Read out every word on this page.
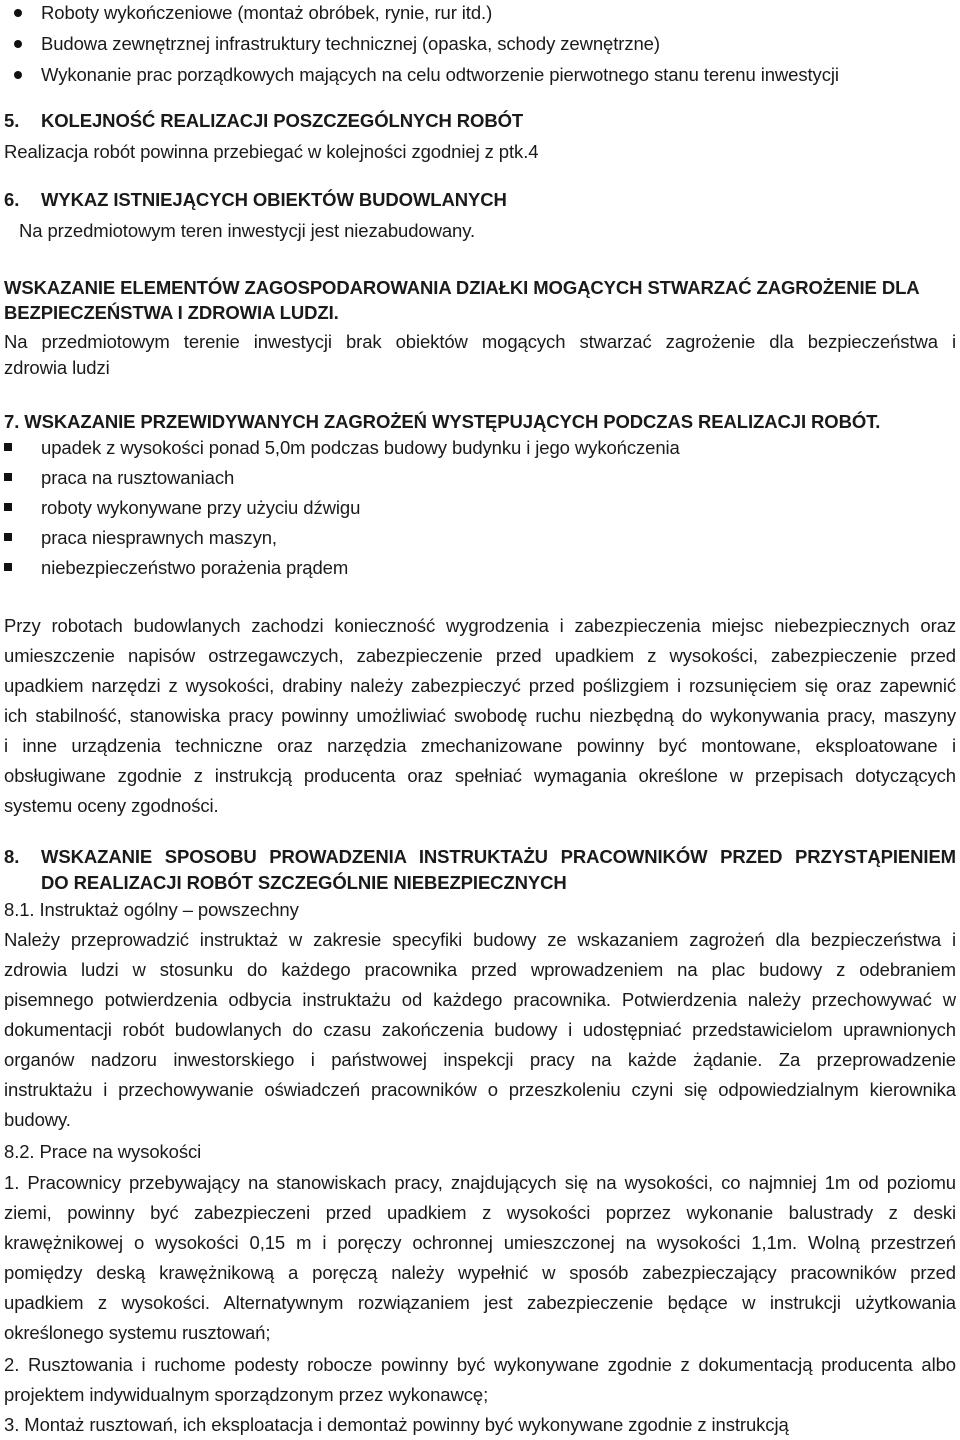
Roboty wykończeniowe (montaż obróbek, rynie, rur itd.)
Budowa zewnętrznej infrastruktury technicznej (opaska, schody zewnętrzne)
Wykonanie prac porządkowych mających na celu odtworzenie pierwotnego stanu terenu inwestycji
5. KOLEJNOŚĆ REALIZACJI POSZCZEGÓLNYCH ROBÓT
Realizacja robót powinna przebiegać w kolejności zgodniej z ptk.4
6. WYKAZ ISTNIEJĄCYCH OBIEKTÓW BUDOWLANYCH
Na przedmiotowym teren inwestycji jest niezabudowany.
WSKAZANIE ELEMENTÓW ZAGOSPODAROWANIA DZIAŁKI MOGĄCYCH STWARZAĆ ZAGROŻENIE DLA
BEZPIECZEŃSTWA I ZDROWIA LUDZI.
Na przedmiotowym terenie inwestycji brak obiektów mogących stwarzać zagrożenie dla bezpieczeństwa i
zdrowia ludzi
7. WSKAZANIE PRZEWIDYWANYCH ZAGROŻEŃ WYSTĘPUJĄCYCH PODCZAS REALIZACJI ROBÓT.
upadek z wysokości ponad 5,0m podczas budowy budynku i jego wykończenia
praca na rusztowaniach
roboty wykonywane przy użyciu dźwigu
praca niesprawnych maszyn,
niebezpieczeństwo porażenia prądem
Przy robotach budowlanych zachodzi konieczność wygrodzenia i zabezpieczenia miejsc niebezpiecznych oraz
umieszczenie napisów ostrzegawczych, zabezpieczenie przed upadkiem z wysokości, zabezpieczenie przed
upadkiem narzędzi z wysokości, drabiny należy zabezpieczyć przed poślizgiem i rozsunięciem się oraz zapewnić
ich stabilność, stanowiska pracy powinny umożliwiać swobodę ruchu niezbędną do wykonywania pracy, maszyny
i inne urządzenia techniczne oraz narzędzia zmechanizowane powinny być montowane, eksploatowane i
obsługiwane zgodnie z instrukcją producenta oraz spełniać wymagania określone w przepisach dotyczących
systemu oceny zgodności.
8. WSKAZANIE SPOSOBU PROWADZENIA INSTRUKTAŻU PRACOWNIKÓW PRZED PRZYSTĄPIENIEM
DO REALIZACJI ROBÓT SZCZEGÓLNIE NIEBEZPIECZNYCH
8.1. Instruktaż ogólny – powszechny
Należy przeprowadzić instruktaż w zakresie specyfiki budowy ze wskazaniem zagrożeń dla bezpieczeństwa i
zdrowia ludzi w stosunku do każdego pracownika przed wprowadzeniem na plac budowy z odebraniem
pisemnego potwierdzenia odbycia instruktażu od każdego pracownika. Potwierdzenia należy przechowywać w
dokumentacji robót budowlanych do czasu zakończenia budowy i udostępniać przedstawicielom uprawnionych
organów nadzoru inwestorskiego i państwowej inspekcji pracy na każde żądanie. Za przeprowadzenie
instruktażu i przechowywanie oświadczeń pracowników o przeszkoleniu czyni się odpowiedzialnym kierownika
budowy.
8.2. Prace na wysokości
1. Pracownicy przebywający na stanowiskach pracy, znajdujących się na wysokości, co najmniej 1m od poziomu
ziemi, powinny być zabezpieczeni przed upadkiem z wysokości poprzez wykonanie balustrady z deski
krawężnikowej o wysokości 0,15 m i poręczy ochronnej umieszczonej na wysokości 1,1m. Wolną przestrzeń
pomiędzy deską krawężnikową a poręczą należy wypełnić w sposób zabezpieczający pracowników przed
upadkiem z wysokości. Alternatywnym rozwiązaniem jest zabezpieczenie będące w instrukcji użytkowania
określonego systemu rusztowań;
2. Rusztowania i ruchome podesty robocze powinny być wykonywane zgodnie z dokumentacją producenta albo
projektem indywidualnym sporządzonym przez wykonawcę;
3. Montaż rusztowań, ich eksploatacja i demontaż powinny być wykonywane zgodnie z instrukcją
